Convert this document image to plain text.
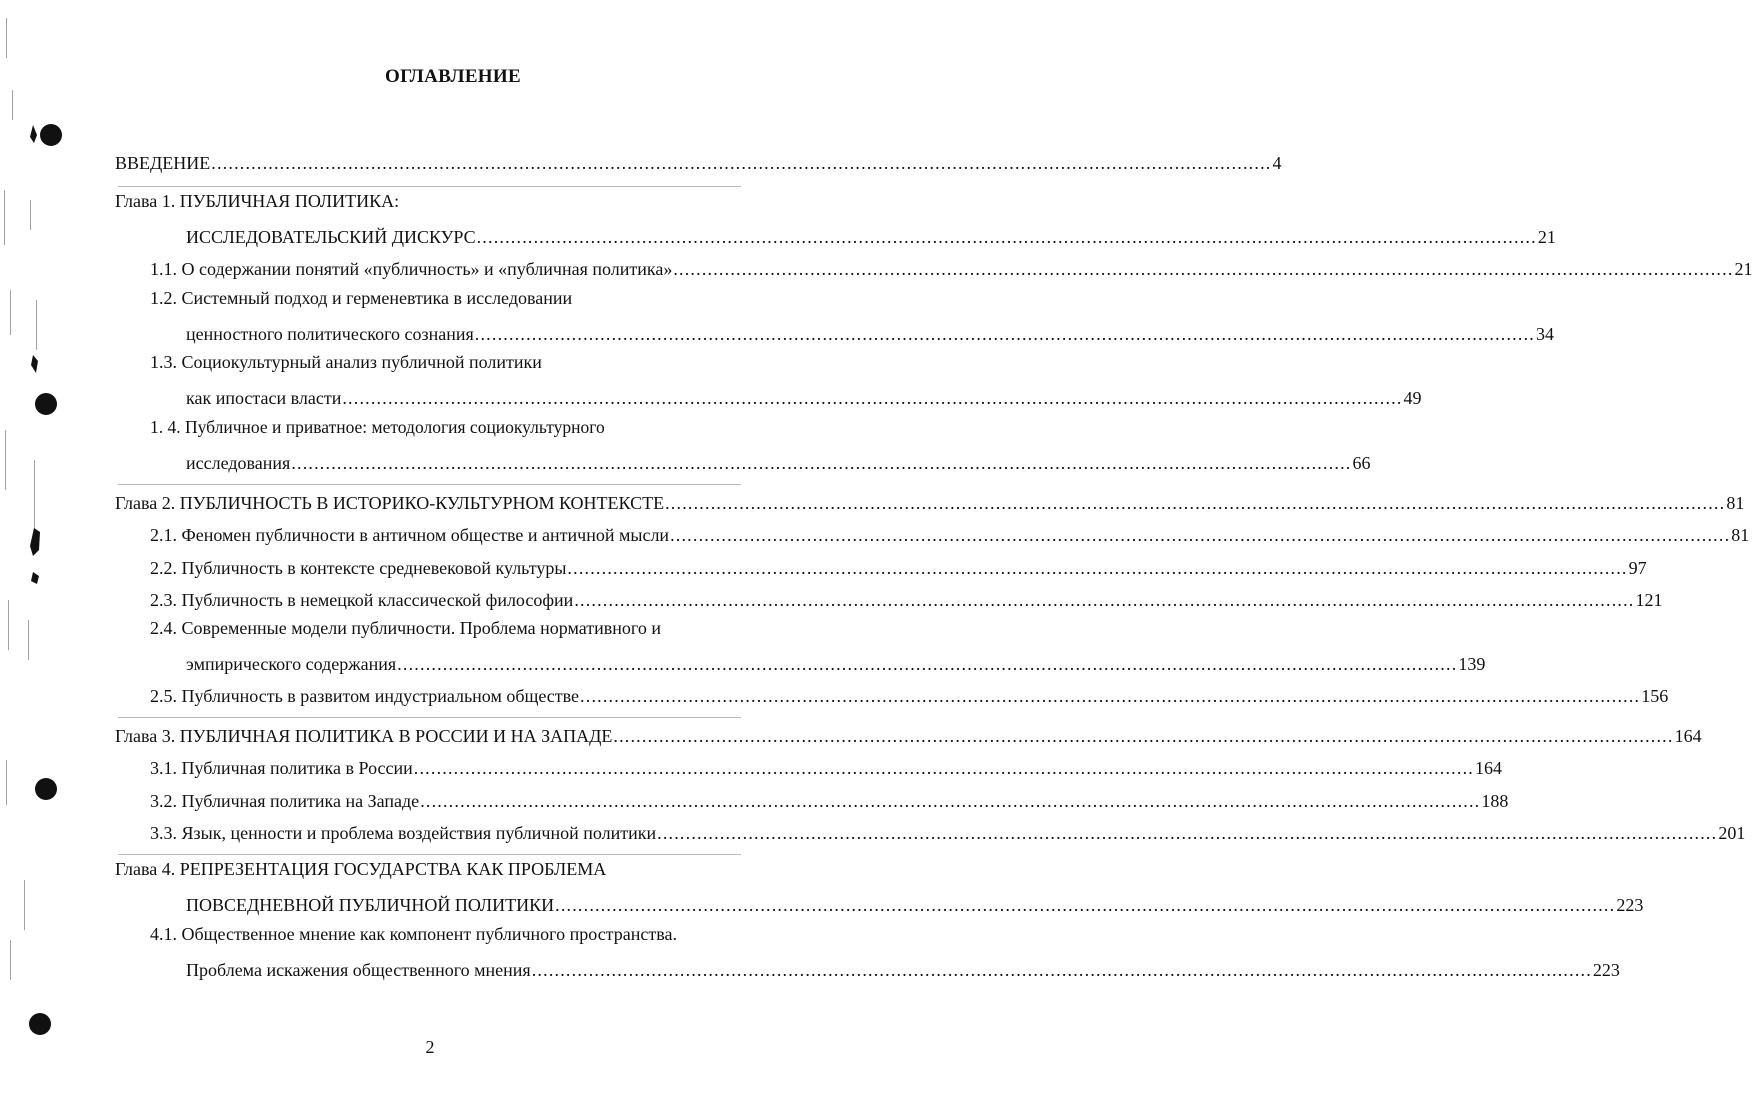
ОГЛАВЛЕНИЕ
ВВЕДЕНИЕ .......................................................................................................................................................................................... 4
Глава 1. ПУБЛИЧНАЯ ПОЛИТИКА:
ИССЛЕДОВАТЕЛЬСКИЙ ДИСКУРС .......................................................................................................................................................................................... 21
1.1. О содержании понятий «публичность» и «публичная политика» .......................................................................................................................................................................................... 21
1.2. Системный подход и герменевтика в исследовании
ценностного политического сознания .......................................................................................................................................................................................... 34
1.3. Социокультурный анализ публичной политики
как ипостаси власти .......................................................................................................................................................................................... 49
1. 4. Публичное и приватное: методология социокультурного
исследования .......................................................................................................................................................................................... 66
Глава 2. ПУБЛИЧНОСТЬ В ИСТОРИКО-КУЛЬТУРНОМ КОНТЕКСТЕ .......................................................................................................................................................................................... 81
2.1. Феномен публичности в античном обществе и античной мысли .......................................................................................................................................................................................... 81
2.2. Публичность в контексте средневековой культуры .......................................................................................................................................................................................... 97
2.3. Публичность в немецкой классической философии .......................................................................................................................................................................................... 121
2.4. Современные модели публичности. Проблема нормативного и
эмпирического содержания .......................................................................................................................................................................................... 139
2.5. Публичность в развитом индустриальном обществе .......................................................................................................................................................................................... 156
Глава 3. ПУБЛИЧНАЯ ПОЛИТИКА В РОССИИ И НА ЗАПАДЕ .......................................................................................................................................................................................... 164
3.1. Публичная политика в России .......................................................................................................................................................................................... 164
3.2. Публичная политика на Западе .......................................................................................................................................................................................... 188
3.3. Язык, ценности и проблема воздействия публичной политики .......................................................................................................................................................................................... 201
Глава 4. РЕПРЕЗЕНТАЦИЯ ГОСУДАРСТВА КАК ПРОБЛЕМА
ПОВСЕДНЕВНОЙ ПУБЛИЧНОЙ ПОЛИТИКИ .......................................................................................................................................................................................... 223
4.1. Общественное мнение как компонент публичного пространства.
Проблема искажения общественного мнения .......................................................................................................................................................................................... 223
2
